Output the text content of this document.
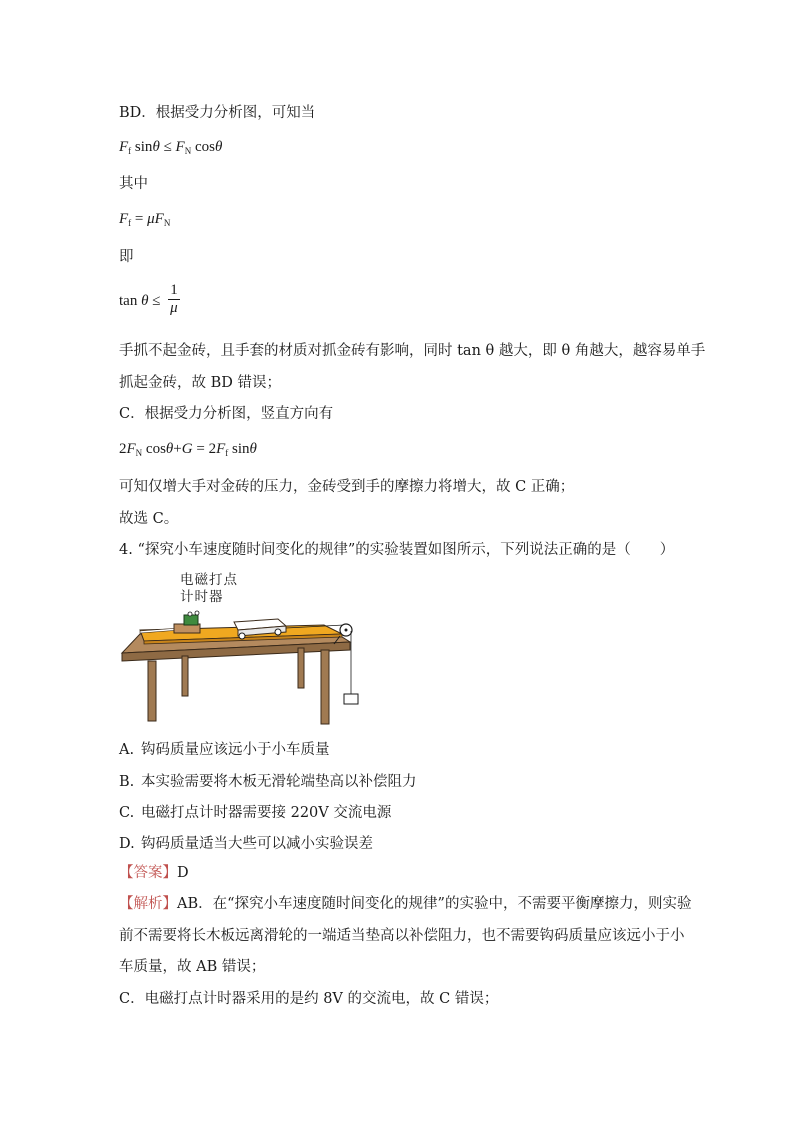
BD．根据受力分析图，可知当
$F_f$ $\sin\theta \le F_N$ cosθ
其中
$F_f = \mu F_N$
即
$\tan \theta \le \frac{1}{\mu}$
手抓不起金砖，且手套的材质对抓金砖有影响，同时 tan θ 越大，即 θ 角越大，越容易单手
抓起金砖，故 BD 错误；
C．根据受力分析图，竖直方向有
$2F_N$ $\cos\theta+G = 2F_f$ sinθ
可知仅增大手对金砖的压力，金砖受到手的摩擦力将增大，故 C 正确；
故选 C。
4. “探究小车速度随时间变化的规律”的实验装置如图所示，下列说法正确的是（　　）
电磁打点
计时器
A. 钩码质量应该远小于小车质量
B. 本实验需要将木板无滑轮端垫高以补偿阻力
C. 电磁打点计时器需要接 220V 交流电源
D. 钩码质量适当大些可以减小实验误差
【答案】D
【解析】AB．在“探究小车速度随时间变化的规律”的实验中，不需要平衡摩擦力，则实验
前不需要将长木板远离滑轮的一端适当垫高以补偿阻力，也不需要钩码质量应该远小于小
车质量，故 AB 错误；
C．电磁打点计时器采用的是约 8V 的交流电，故 C 错误；
